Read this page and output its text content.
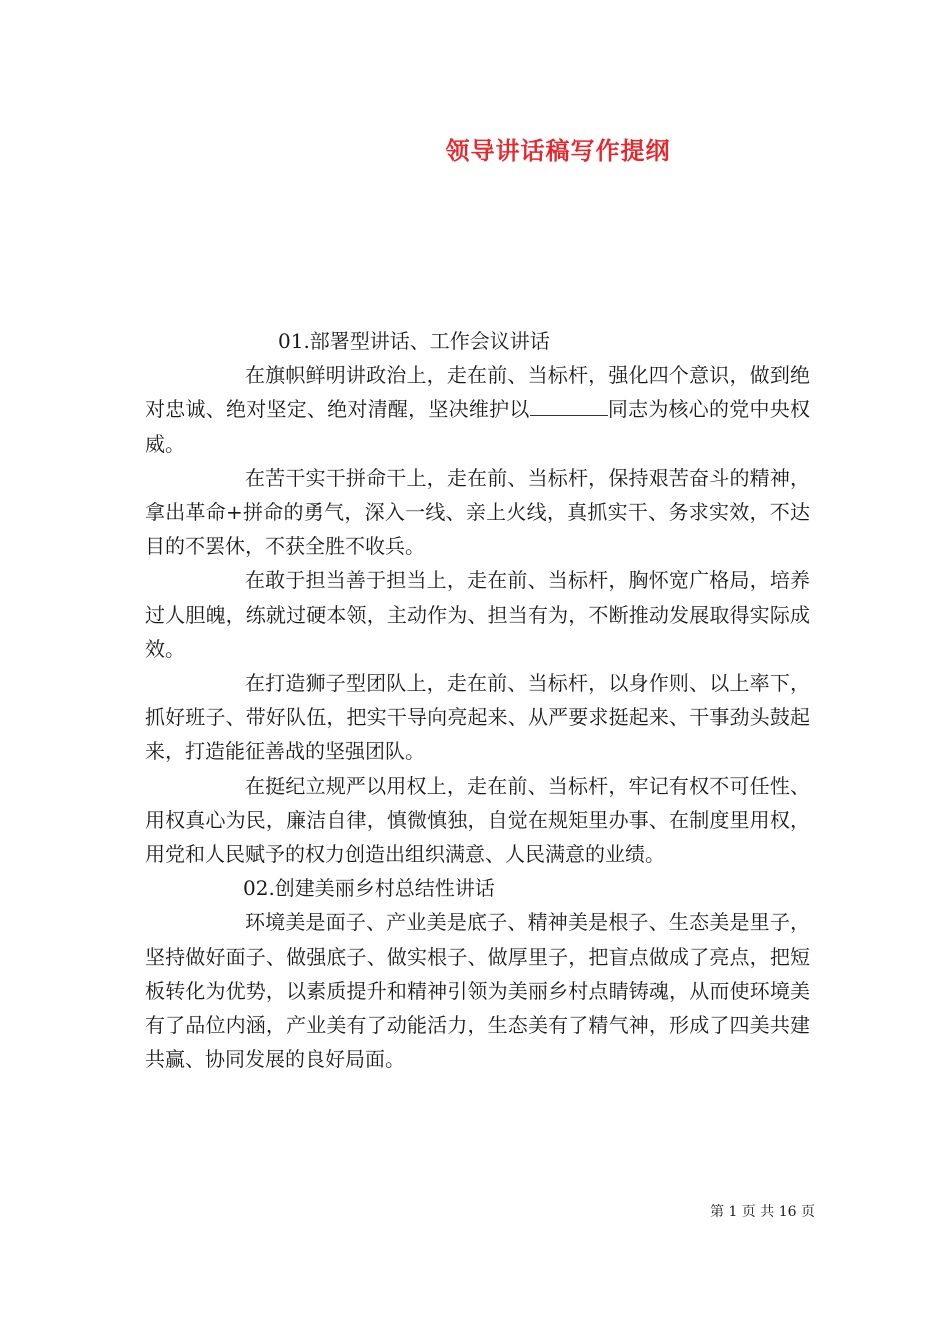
领导讲话稿写作提纲

01.部署型讲话、工作会议讲话

在旗帜鲜明讲政治上，走在前、当标杆，强化四个意识，做到绝对忠诚、绝对坚定、绝对清醒，坚决维护以	同志为核心的党中央权威。

在苦干实干拼命干上，走在前、当标杆，保持艰苦奋斗的精神，拿出革命+拼命的勇气，深入一线、亲上火线，真抓实干、务求实效，不达目的不罢休，不获全胜不收兵。

在敢于担当善于担当上，走在前、当标杆，胸怀宽广格局，培养过人胆魄，练就过硬本领，主动作为、担当有为，不断推动发展取得实际成效。

在打造狮子型团队上，走在前、当标杆，以身作则、以上率下，抓好班子、带好队伍，把实干导向亮起来、从严要求挺起来、干事劲头鼓起来，打造能征善战的坚强团队。

在挺纪立规严以用权上，走在前、当标杆，牢记有权不可任性、用权真心为民，廉洁自律，慎微慎独，自觉在规矩里办事、在制度里用权，用党和人民赋予的权力创造出组织满意、人民满意的业绩。

02.创建美丽乡村总结性讲话

环境美是面子、产业美是底子、精神美是根子、生态美是里子，坚持做好面子、做强底子、做实根子、做厚里子，把盲点做成了亮点，把短板转化为优势，以素质提升和精神引领为美丽乡村点睛铸魂，从而使环境美有了品位内涵，产业美有了动能活力，生态美有了精气神，形成了四美共建共赢、协同发展的良好局面。

第 1 页 共 16 页
